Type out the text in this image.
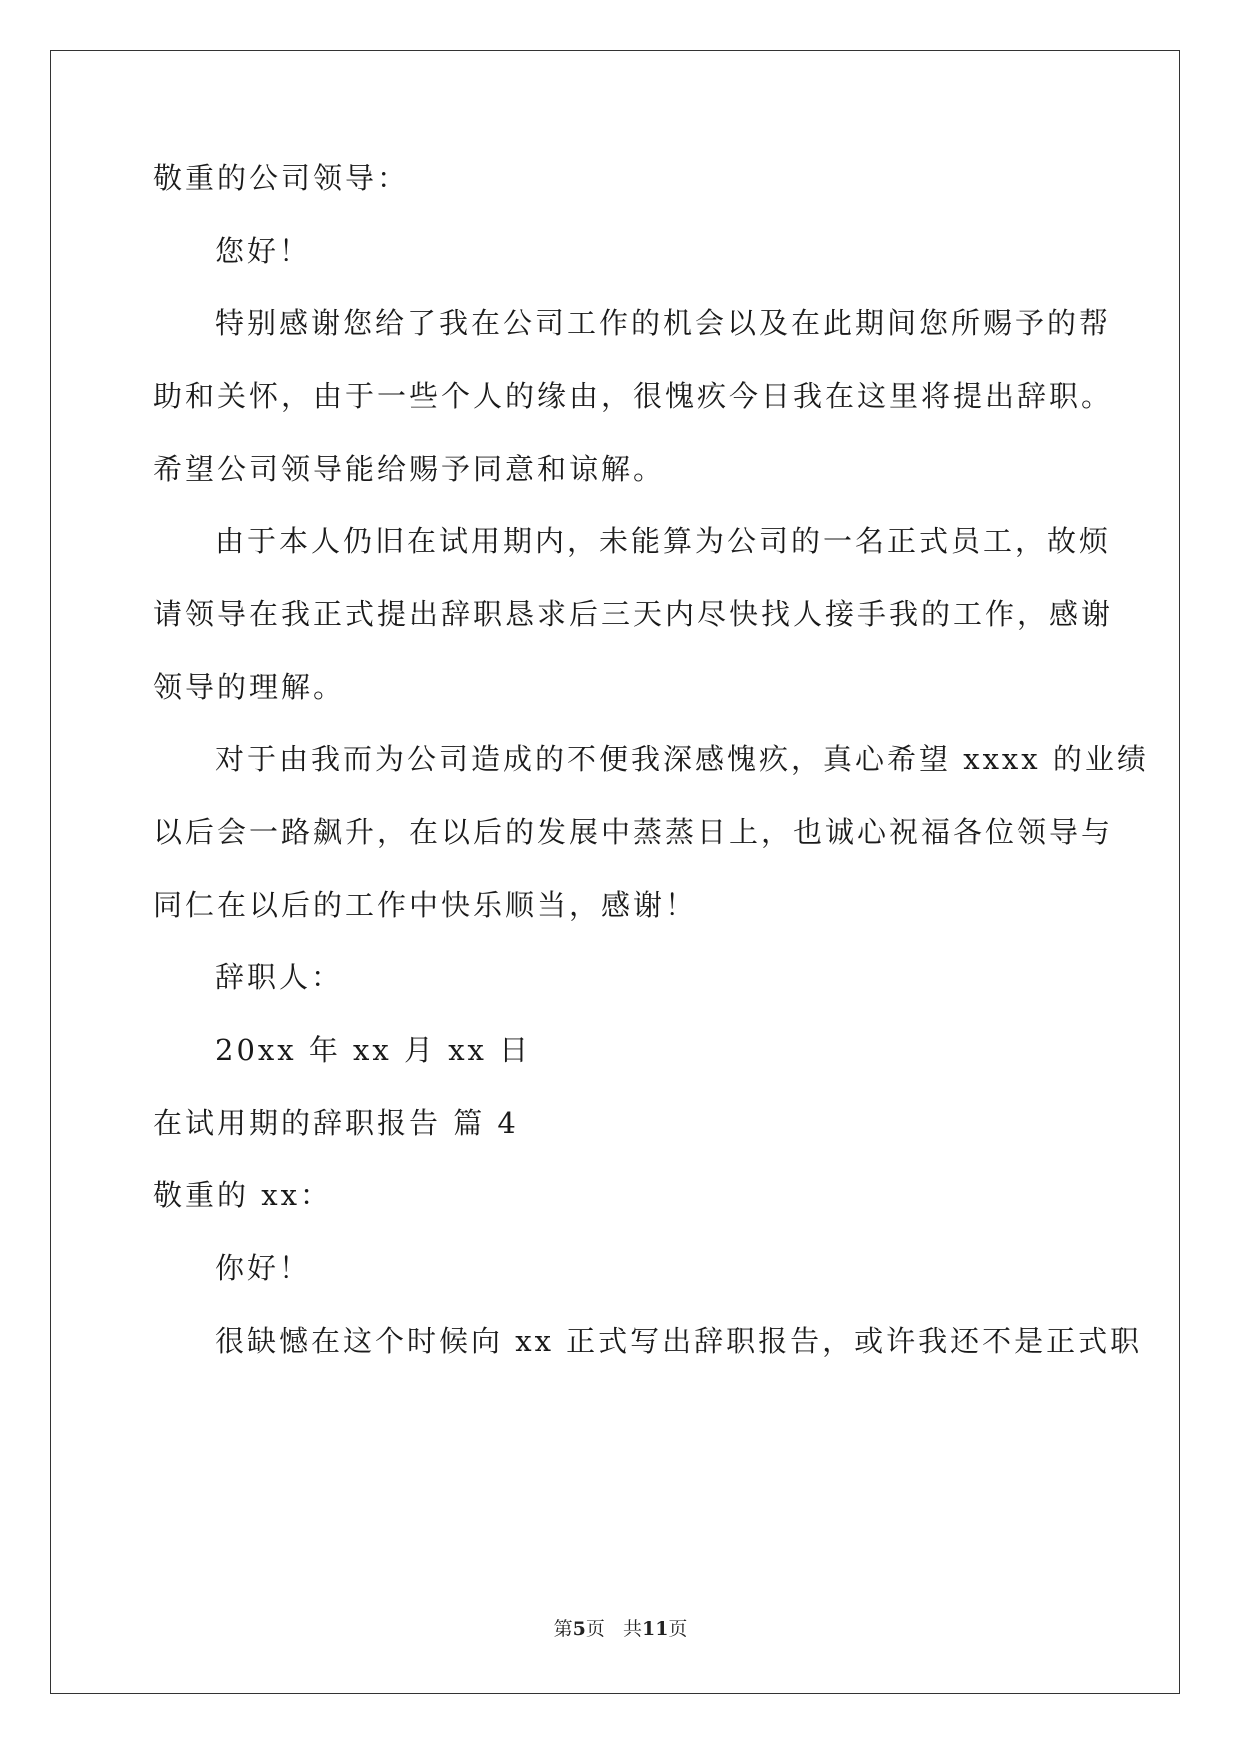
敬重的公司领导：
您好！
特别感谢您给了我在公司工作的机会以及在此期间您所赐予的帮
助和关怀，由于一些个人的缘由，很愧疚今日我在这里将提出辞职。
希望公司领导能给赐予同意和谅解。
由于本人仍旧在试用期内，未能算为公司的一名正式员工，故烦
请领导在我正式提出辞职恳求后三天内尽快找人接手我的工作，感谢
领导的理解。
对于由我而为公司造成的不便我深感愧疚，真心希望 xxxx 的业绩
以后会一路飙升，在以后的发展中蒸蒸日上，也诚心祝福各位领导与
同仁在以后的工作中快乐顺当，感谢！
辞职人：
20xx 年 xx 月 xx 日
在试用期的辞职报告 篇 4
敬重的 xx：
你好！
很缺憾在这个时候向 xx 正式写出辞职报告，或许我还不是正式职
第5页 共11页
